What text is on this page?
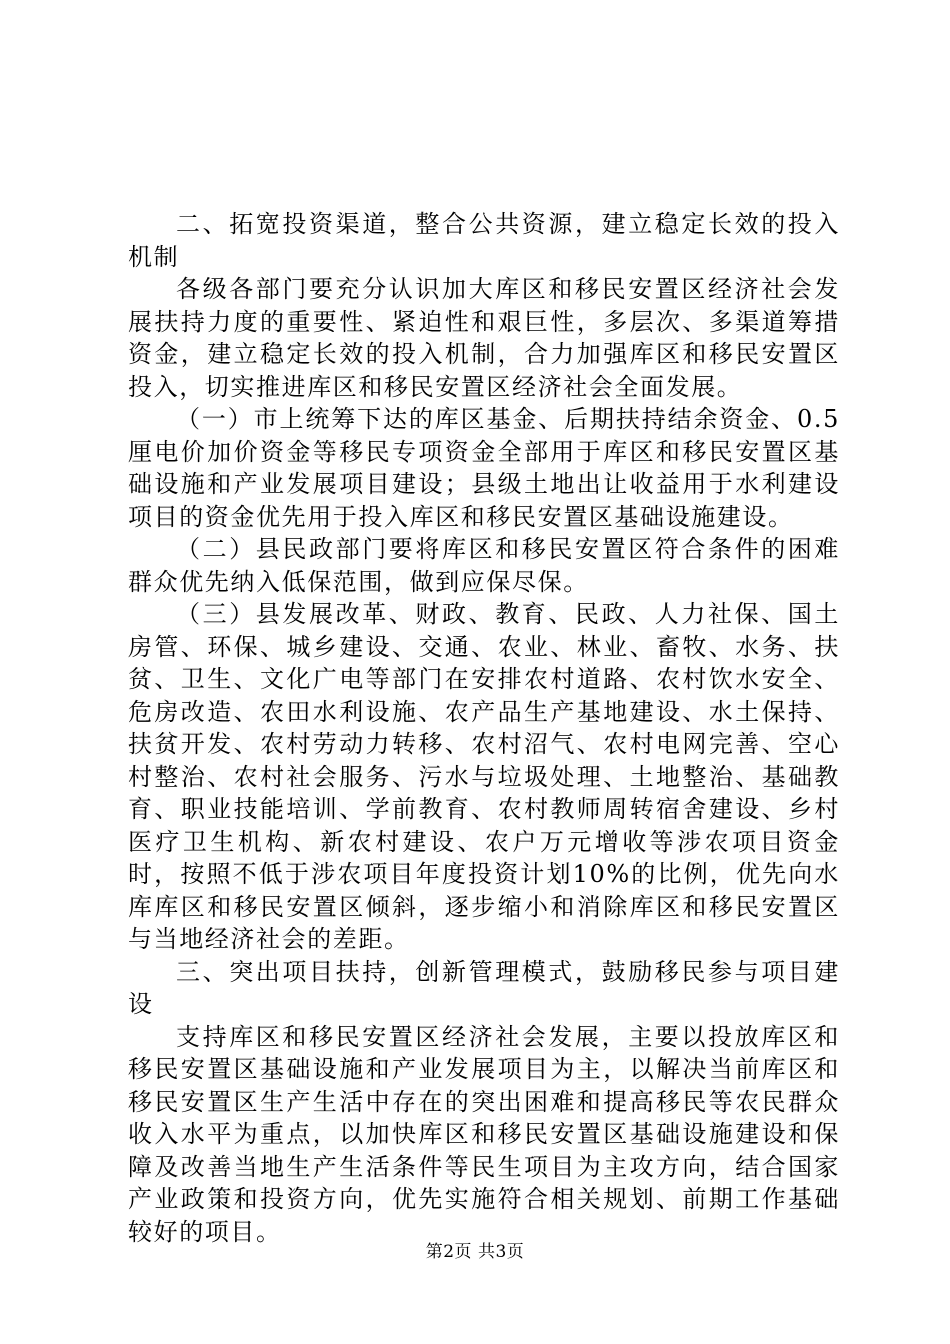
二、拓宽投资渠道，整合公共资源，建立稳定长效的投入机制

各级各部门要充分认识加大库区和移民安置区经济社会发展扶持力度的重要性、紧迫性和艰巨性，多层次、多渠道筹措资金，建立稳定长效的投入机制，合力加强库区和移民安置区投入，切实推进库区和移民安置区经济社会全面发展。

（一）市上统筹下达的库区基金、后期扶持结余资金、0.5厘电价加价资金等移民专项资金全部用于库区和移民安置区基础设施和产业发展项目建设；县级土地出让收益用于水利建设项目的资金优先用于投入库区和移民安置区基础设施建设。

（二）县民政部门要将库区和移民安置区符合条件的困难群众优先纳入低保范围，做到应保尽保。

（三）县发展改革、财政、教育、民政、人力社保、国土房管、环保、城乡建设、交通、农业、林业、畜牧、水务、扶贫、卫生、文化广电等部门在安排农村道路、农村饮水安全、危房改造、农田水利设施、农产品生产基地建设、水土保持、扶贫开发、农村劳动力转移、农村沼气、农村电网完善、空心村整治、农村社会服务、污水与垃圾处理、土地整治、基础教育、职业技能培训、学前教育、农村教师周转宿舍建设、乡村医疗卫生机构、新农村建设、农户万元增收等涉农项目资金时，按照不低于涉农项目年度投资计划10%的比例，优先向水库库区和移民安置区倾斜，逐步缩小和消除库区和移民安置区与当地经济社会的差距。

三、突出项目扶持，创新管理模式，鼓励移民参与项目建设

支持库区和移民安置区经济社会发展，主要以投放库区和移民安置区基础设施和产业发展项目为主，以解决当前库区和移民安置区生产生活中存在的突出困难和提高移民等农民群众收入水平为重点，以加快库区和移民安置区基础设施建设和保障及改善当地生产生活条件等民生项目为主攻方向，结合国家产业政策和投资方向，优先实施符合相关规划、前期工作基础较好的项目。

第2页 共3页
